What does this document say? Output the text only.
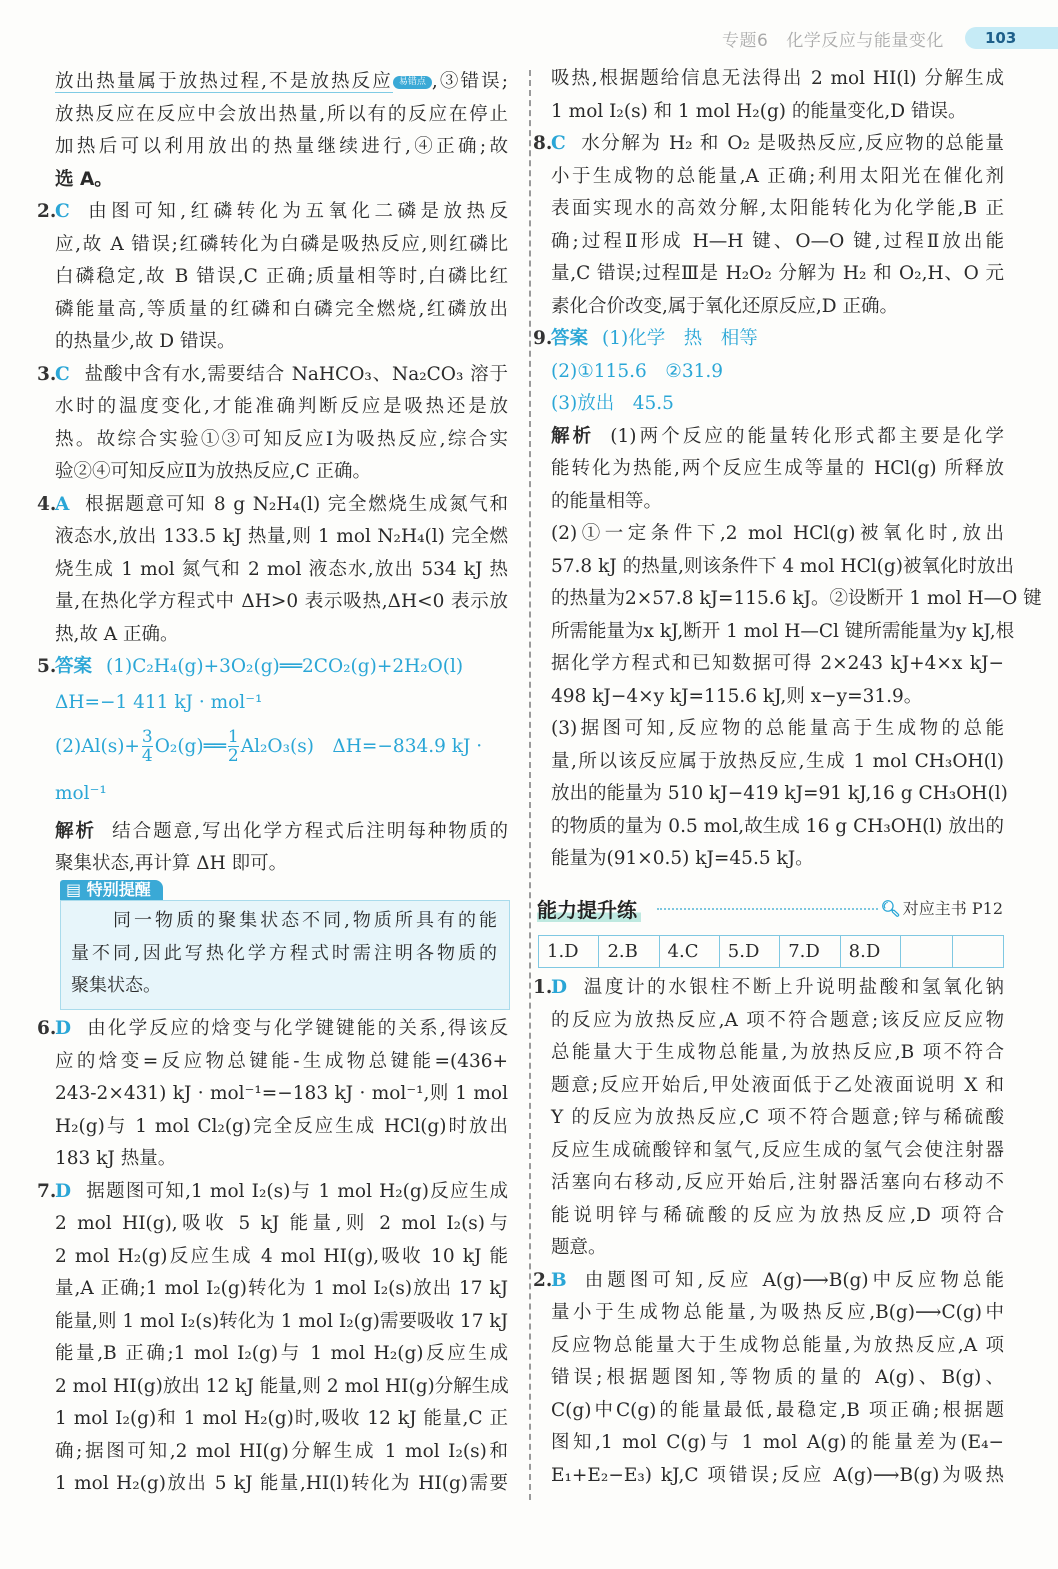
专题6 化学反应与能量变化	103
放出热量属于放热过程,不是放热反应 易错点 ,③错误;
放热反应在反应中会放出热量,所以有的反应在停止
加热后可以利用放出的热量继续进行,④正确;故
选 A。
2.
C 由图可知,红磷转化为五氧化二磷是放热反
应,故 A 错误;红磷转化为白磷是吸热反应,则红磷比
白磷稳定,故 B 错误,C 正确;质量相等时,白磷比红
磷能量高,等质量的红磷和白磷完全燃烧,红磷放出
的热量少,故 D 错误。
3.
C 盐酸中含有水,需要结合 NaHCO₃、Na₂CO₃ 溶于
水时的温度变化,才能准确判断反应是吸热还是放
热。故综合实验①③可知反应Ⅰ为吸热反应,综合实
验②④可知反应Ⅱ为放热反应,C 正确。
4.
A 根据题意可知 8 g N₂H₄(l) 完全燃烧生成氮气和
液态水,放出 133.5 kJ 热量,则 1 mol N₂H₄(l) 完全燃
烧生成 1 mol 氮气和 2 mol 液态水,放出 534 kJ 热
量,在热化学方程式中 ΔH>0 表示吸热,ΔH<0 表示放
热,故 A 正确。
5.
答案 (1)C₂H₄(g)+3O₂(g)══2CO₂(g)+2H₂O(l)
ΔH=−1 411 kJ · mol⁻¹
$(2)Al(s)+ \frac{3}{4}$ O₂(g)══ $\frac{1}{2} Al_2O_3(s)$　ΔH=−834.9 kJ ·
mol⁻¹
解析 结合题意,写出化学方程式后注明每种物质的
聚集状态,再计算 ΔH 即可。
▤ 特别提醒
　　同一物质的聚集状态不同,物质所具有的能
量不同,因此写热化学方程式时需注明各物质的
聚集状态。
6.
D 由化学反应的焓变与化学键键能的关系,得该反
应的焓变=反应物总键能-生成物总键能=(436+
243-2×431) kJ · mol⁻¹=−183 kJ · mol⁻¹,则 1 mol
H₂(g)与 1 mol Cl₂(g)完全反应生成 HCl(g)时放出
183 kJ 热量。
7.
D 据题图可知,1 mol I₂(s)与 1 mol H₂(g)反应生成
2 mol HI(g),吸收 5 kJ 能量,则 2 mol I₂(s)与
2 mol H₂(g)反应生成 4 mol HI(g),吸收 10 kJ 能
量,A 正确;1 mol I₂(g)转化为 1 mol I₂(s)放出 17 kJ
能量,则 1 mol I₂(s)转化为 1 mol I₂(g)需要吸收 17 kJ
能量,B 正确;1 mol I₂(g)与 1 mol H₂(g)反应生成
2 mol HI(g)放出 12 kJ 能量,则 2 mol HI(g)分解生成
1 mol I₂(g)和 1 mol H₂(g)时,吸收 12 kJ 能量,C 正
确;据图可知,2 mol HI(g)分解生成 1 mol I₂(s)和
1 mol H₂(g)放出 5 kJ 能量,HI(l)转化为 HI(g)需要
吸热,根据题给信息无法得出 2 mol HI(l) 分解生成
1 mol I₂(s) 和 1 mol H₂(g) 的能量变化,D 错误。
8.
C 水分解为 H₂ 和 O₂ 是吸热反应,反应物的总能量
小于生成物的总能量,A 正确;利用太阳光在催化剂
表面实现水的高效分解,太阳能转化为化学能,B 正
确;过程Ⅱ形成 H—H 键、O—O 键,过程Ⅱ放出能
量,C 错误;过程Ⅲ是 H₂O₂ 分解为 H₂ 和 O₂,H、O 元
素化合价改变,属于氧化还原反应,D 正确。
9.
答案 (1)化学　热　相等
(2)①115.6　②31.9
(3)放出　45.5
解析 (1)两个反应的能量转化形式都主要是化学
能转化为热能,两个反应生成等量的 HCl(g) 所释放
的能量相等。
(2)①一定条件下,2 mol HCl(g)被氧化时,放出
57.8 kJ 的热量,则该条件下 4 mol HCl(g)被氧化时放出
的热量为2×57.8 kJ=115.6 kJ。②设断开 1 mol H—O 键
所需能量为x kJ,断开 1 mol H—Cl 键所需能量为y kJ,根
据化学方程式和已知数据可得 2×243 kJ+4×x kJ−
498 kJ−4×y kJ=115.6 kJ,则 x−y=31.9。
(3)据图可知,反应物的总能量高于生成物的总能
量,所以该反应属于放热反应,生成 1 mol CH₃OH(l)
放出的能量为 510 kJ−419 kJ=91 kJ,16 g CH₃OH(l)
的物质的量为 0.5 mol,故生成 16 g CH₃OH(l) 放出的
能量为(91×0.5) kJ=45.5 kJ。
能力提升练	🔍︎ 对应主书 P12
1.D	2.B	4.C	5.D	7.D	8.D		
1.
D 温度计的水银柱不断上升说明盐酸和氢氧化钠
的反应为放热反应,A 项不符合题意;该反应反应物
总能量大于生成物总能量,为放热反应,B 项不符合
题意;反应开始后,甲处液面低于乙处液面说明 X 和
Y 的反应为放热反应,C 项不符合题意;锌与稀硫酸
反应生成硫酸锌和氢气,反应生成的氢气会使注射器
活塞向右移动,反应开始后,注射器活塞向右移动不
能说明锌与稀硫酸的反应为放热反应,D 项符合
题意。
2.
B 由题图可知,反应 A(g)⟶B(g)中反应物总能
量小于生成物总能量,为吸热反应,B(g)⟶C(g)中
反应物总能量大于生成物总能量,为放热反应,A 项
错误;根据题图知,等物质的量的 A(g)、B(g)、
C(g)中C(g)的能量最低,最稳定,B 项正确;根据题
图知,1 mol C(g)与 1 mol A(g)的能量差为(E₄−
E₁+E₂−E₃) kJ,C 项错误;反应 A(g)⟶B(g)为吸热
